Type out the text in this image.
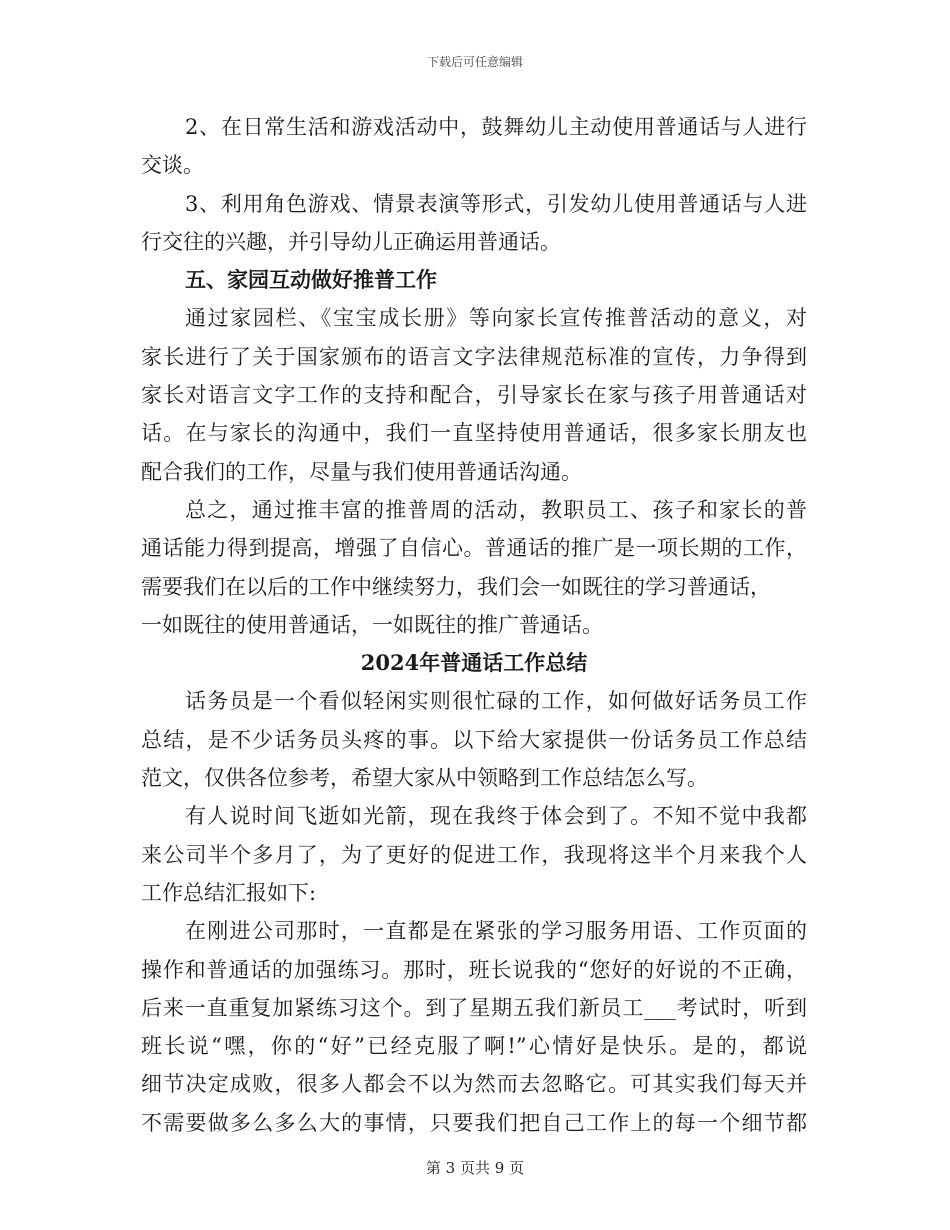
下载后可任意编辑
2、在日常生活和游戏活动中，鼓舞幼儿主动使用普通话与人进行
交谈。
3、利用角色游戏、情景表演等形式，引发幼儿使用普通话与人进
行交往的兴趣，并引导幼儿正确运用普通话。
五、家园互动做好推普工作
通过家园栏、《宝宝成长册》等向家长宣传推普活动的意义，对
家长进行了关于国家颁布的语言文字法律规范标准的宣传，力争得到
家长对语言文字工作的支持和配合，引导家长在家与孩子用普通话对
话。在与家长的沟通中，我们一直坚持使用普通话，很多家长朋友也
配合我们的工作，尽量与我们使用普通话沟通。
总之，通过推丰富的推普周的活动，教职员工、孩子和家长的普
通话能力得到提高，增强了自信心。普通话的推广是一项长期的工作，
需要我们在以后的工作中继续努力，我们会一如既往的学习普通话，
一如既往的使用普通话，一如既往的推广普通话。
2024年普通话工作总结
话务员是一个看似轻闲实则很忙碌的工作，如何做好话务员工作
总结，是不少话务员头疼的事。以下给大家提供一份话务员工作总结
范文，仅供各位参考，希望大家从中领略到工作总结怎么写。
有人说时间飞逝如光箭，现在我终于体会到了。不知不觉中我都
来公司半个多月了，为了更好的促进工作，我现将这半个月来我个人
工作总结汇报如下:
在刚进公司那时，一直都是在紧张的学习服务用语、工作页面的
操作和普通话的加强练习。那时，班长说我的“您好的好说的不正确，
后来一直重复加紧练习这个。到了星期五我们新员工___考试时，听到
班长说“嘿，你的“好”已经克服了啊!”心情好是快乐。是的，都说
细节决定成败，很多人都会不以为然而去忽略它。可其实我们每天并
不需要做多么多么大的事情，只要我们把自己工作上的每一个细节都
第 3 页共 9 页
